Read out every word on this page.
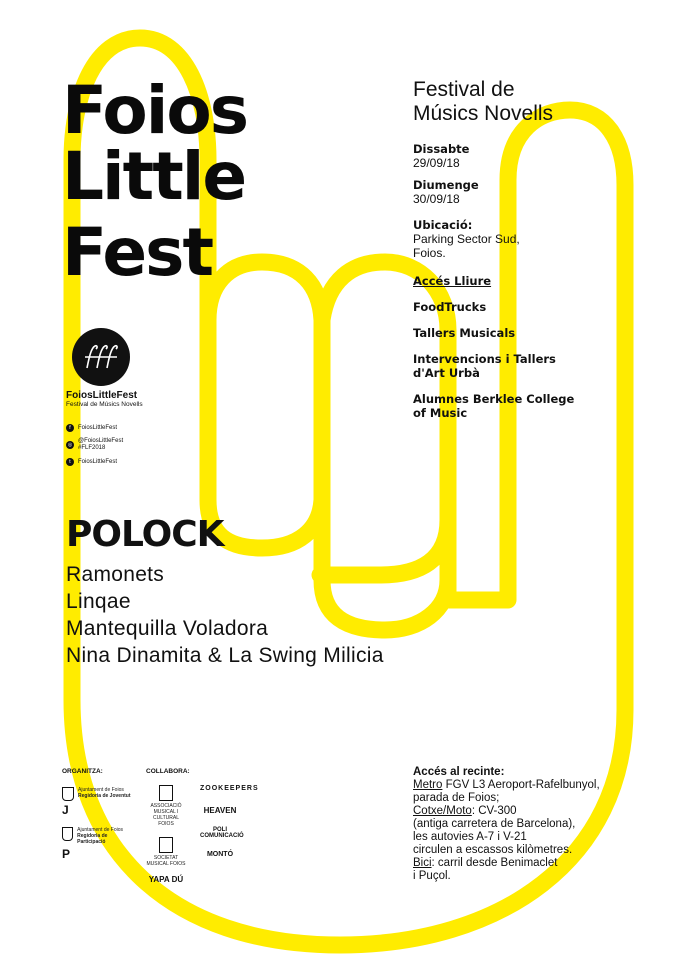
Foios
Little
Fest
Festival de
Músics Novells
Dissabte
29/09/18
Diumenge
30/09/18
Ubicació:
Parking Sector Sud,
Foios.
Accés Lliure
FoodTrucks
Tallers Musicals
Intervencions i Tallers
d'Art Urbà
Alumnes Berklee College
of Music
FoiosLittleFest
Festival de Músics Novells
f	FoiosLittleFest
◎
@FoiosLittleFest
#FLF2018
t	FoiosLittleFest
POLOCK
Ramonets
Linqae
Mantequilla Voladora
Nina Dinamita & La Swing Milicia
ORGANITZA:
Ajuntament de Foios
Regidoria de Joventut
J
Ajuntament de Foios
Regidoria de Participació
P
COLLABORA:
ASSOCIACIÓ MUSICAL I CULTURAL FOIOS
SOCIETAT MUSICAL FOIOS
YAPA DÚ
ZOOKEEPERS
HEAVEN
POLI COMUNICACIÓ
MONTÓ
Accés al recinte:
Metro FGV L3 Aeroport-Rafelbunyol,
parada de Foios;
Cotxe/Moto: CV-300
(antiga carretera de Barcelona),
les autovies A-7 i V-21
circulen a escassos kilòmetres.
Bici: carril desde Benimaclet
i Puçol.
